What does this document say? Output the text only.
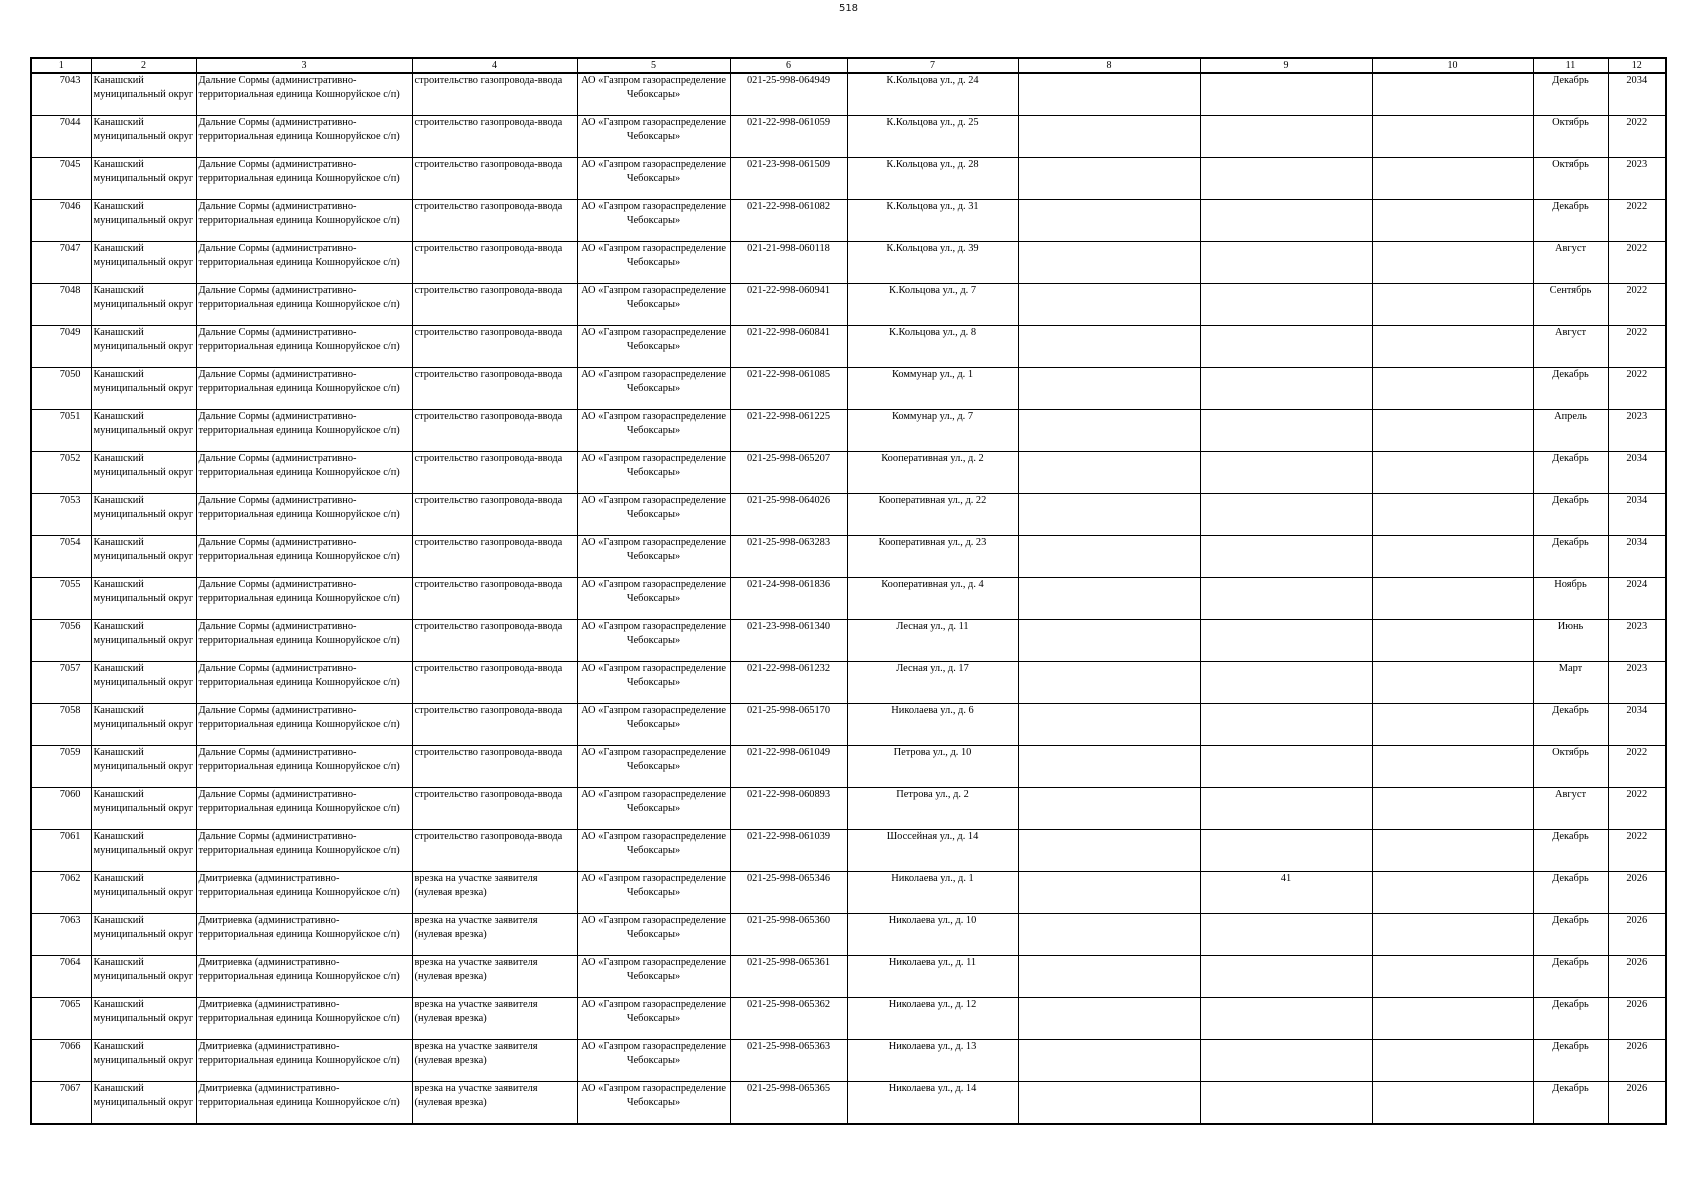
518
1	2	3	4	5	6	7	8	9	10	11	12
7043	Канашский муниципальный округ	Дальние Сормы (административно-территориальная единица Кошноруйское с/п)	строительство газопровода-ввода	АО «Газпром газораспределение Чебоксары»	021-25-998-064949	К.Кольцова ул., д. 24				Декабрь	2034
7044	Канашский муниципальный округ	Дальние Сормы (административно-территориальная единица Кошноруйское с/п)	строительство газопровода-ввода	АО «Газпром газораспределение Чебоксары»	021-22-998-061059	К.Кольцова ул., д. 25				Октябрь	2022
7045	Канашский муниципальный округ	Дальние Сормы (административно-территориальная единица Кошноруйское с/п)	строительство газопровода-ввода	АО «Газпром газораспределение Чебоксары»	021-23-998-061509	К.Кольцова ул., д. 28				Октябрь	2023
7046	Канашский муниципальный округ	Дальние Сормы (административно-территориальная единица Кошноруйское с/п)	строительство газопровода-ввода	АО «Газпром газораспределение Чебоксары»	021-22-998-061082	К.Кольцова ул., д. 31				Декабрь	2022
7047	Канашский муниципальный округ	Дальние Сормы (административно-территориальная единица Кошноруйское с/п)	строительство газопровода-ввода	АО «Газпром газораспределение Чебоксары»	021-21-998-060118	К.Кольцова ул., д. 39				Август	2022
7048	Канашский муниципальный округ	Дальние Сормы (административно-территориальная единица Кошноруйское с/п)	строительство газопровода-ввода	АО «Газпром газораспределение Чебоксары»	021-22-998-060941	К.Кольцова ул., д. 7				Сентябрь	2022
7049	Канашский муниципальный округ	Дальние Сормы (административно-территориальная единица Кошноруйское с/п)	строительство газопровода-ввода	АО «Газпром газораспределение Чебоксары»	021-22-998-060841	К.Кольцова ул., д. 8				Август	2022
7050	Канашский муниципальный округ	Дальние Сормы (административно-территориальная единица Кошноруйское с/п)	строительство газопровода-ввода	АО «Газпром газораспределение Чебоксары»	021-22-998-061085	Коммунар ул., д. 1				Декабрь	2022
7051	Канашский муниципальный округ	Дальние Сормы (административно-территориальная единица Кошноруйское с/п)	строительство газопровода-ввода	АО «Газпром газораспределение Чебоксары»	021-22-998-061225	Коммунар ул., д. 7				Апрель	2023
7052	Канашский муниципальный округ	Дальние Сормы (административно-территориальная единица Кошноруйское с/п)	строительство газопровода-ввода	АО «Газпром газораспределение Чебоксары»	021-25-998-065207	Кооперативная ул., д. 2				Декабрь	2034
7053	Канашский муниципальный округ	Дальние Сормы (административно-территориальная единица Кошноруйское с/п)	строительство газопровода-ввода	АО «Газпром газораспределение Чебоксары»	021-25-998-064026	Кооперативная ул., д. 22				Декабрь	2034
7054	Канашский муниципальный округ	Дальние Сормы (административно-территориальная единица Кошноруйское с/п)	строительство газопровода-ввода	АО «Газпром газораспределение Чебоксары»	021-25-998-063283	Кооперативная ул., д. 23				Декабрь	2034
7055	Канашский муниципальный округ	Дальние Сормы (административно-территориальная единица Кошноруйское с/п)	строительство газопровода-ввода	АО «Газпром газораспределение Чебоксары»	021-24-998-061836	Кооперативная ул., д. 4				Ноябрь	2024
7056	Канашский муниципальный округ	Дальние Сормы (административно-территориальная единица Кошноруйское с/п)	строительство газопровода-ввода	АО «Газпром газораспределение Чебоксары»	021-23-998-061340	Лесная ул., д. 11				Июнь	2023
7057	Канашский муниципальный округ	Дальние Сормы (административно-территориальная единица Кошноруйское с/п)	строительство газопровода-ввода	АО «Газпром газораспределение Чебоксары»	021-22-998-061232	Лесная ул., д. 17				Март	2023
7058	Канашский муниципальный округ	Дальние Сормы (административно-территориальная единица Кошноруйское с/п)	строительство газопровода-ввода	АО «Газпром газораспределение Чебоксары»	021-25-998-065170	Николаева ул., д. 6				Декабрь	2034
7059	Канашский муниципальный округ	Дальние Сормы (административно-территориальная единица Кошноруйское с/п)	строительство газопровода-ввода	АО «Газпром газораспределение Чебоксары»	021-22-998-061049	Петрова ул., д. 10				Октябрь	2022
7060	Канашский муниципальный округ	Дальние Сормы (административно-территориальная единица Кошноруйское с/п)	строительство газопровода-ввода	АО «Газпром газораспределение Чебоксары»	021-22-998-060893	Петрова ул., д. 2				Август	2022
7061	Канашский муниципальный округ	Дальние Сормы (административно-территориальная единица Кошноруйское с/п)	строительство газопровода-ввода	АО «Газпром газораспределение Чебоксары»	021-22-998-061039	Шоссейная ул., д. 14				Декабрь	2022
7062	Канашский муниципальный округ	Дмитриевка (административно-территориальная единица Кошноруйское с/п)	врезка на участке заявителя (нулевая врезка)	АО «Газпром газораспределение Чебоксары»	021-25-998-065346	Николаева ул., д. 1		41		Декабрь	2026
7063	Канашский муниципальный округ	Дмитриевка (административно-территориальная единица Кошноруйское с/п)	врезка на участке заявителя (нулевая врезка)	АО «Газпром газораспределение Чебоксары»	021-25-998-065360	Николаева ул., д. 10				Декабрь	2026
7064	Канашский муниципальный округ	Дмитриевка (административно-территориальная единица Кошноруйское с/п)	врезка на участке заявителя (нулевая врезка)	АО «Газпром газораспределение Чебоксары»	021-25-998-065361	Николаева ул., д. 11				Декабрь	2026
7065	Канашский муниципальный округ	Дмитриевка (административно-территориальная единица Кошноруйское с/п)	врезка на участке заявителя (нулевая врезка)	АО «Газпром газораспределение Чебоксары»	021-25-998-065362	Николаева ул., д. 12				Декабрь	2026
7066	Канашский муниципальный округ	Дмитриевка (административно-территориальная единица Кошноруйское с/п)	врезка на участке заявителя (нулевая врезка)	АО «Газпром газораспределение Чебоксары»	021-25-998-065363	Николаева ул., д. 13				Декабрь	2026
7067	Канашский муниципальный округ	Дмитриевка (административно-территориальная единица Кошноруйское с/п)	врезка на участке заявителя (нулевая врезка)	АО «Газпром газораспределение Чебоксары»	021-25-998-065365	Николаева ул., д. 14				Декабрь	2026
